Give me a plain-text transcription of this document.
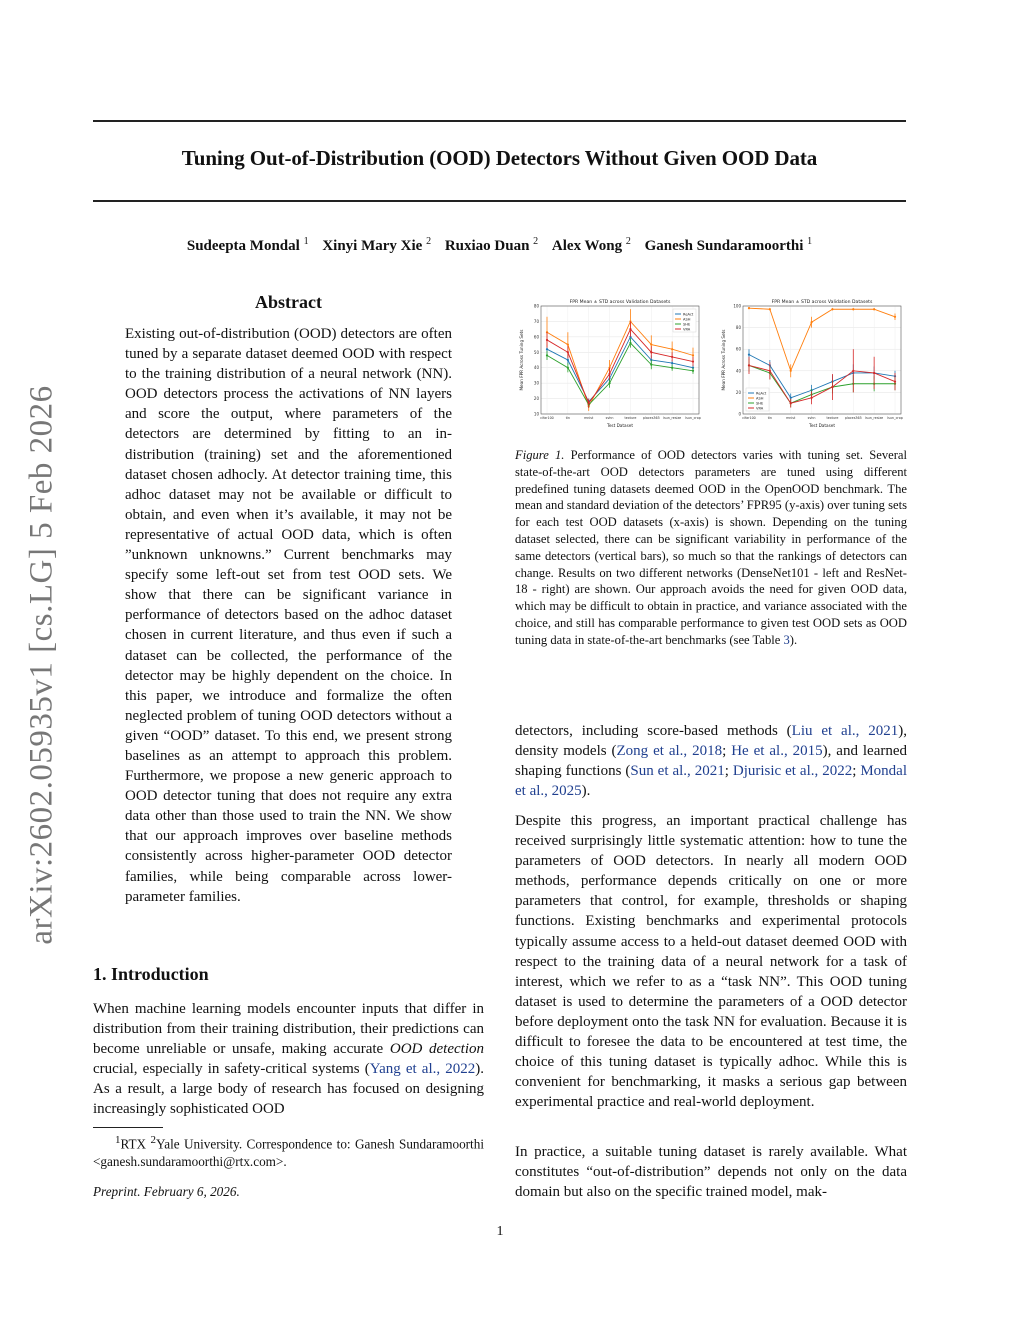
Tuning Out-of-Distribution (OOD) Detectors Without Given OOD Data
Sudeepta Mondal $^1$ Xinyi Mary Xie $^2$ Ruxiao Duan $^2$ Alex Wong $^2$ Ganesh Sundaramoorthi $^1$
arXiv:2602.05935v1 [cs.LG] 5 Feb 2026
Abstract
Existing out-of-distribution (OOD) detectors are often tuned by a separate dataset deemed OOD with respect to the training distribution of a neural network (NN). OOD detectors process the activations of NN layers and score the output, where parameters of the detectors are determined by fitting to an in-distribution (training) set and the aforementioned dataset chosen adhocly. At detector training time, this adhoc dataset may not be available or difficult to obtain, and even when it’s available, it may not be representative of actual OOD data, which is often ”unknown unknowns.” Current benchmarks may specify some left-out set from test OOD sets. We show that there can be significant variance in performance of detectors based on the adhoc dataset chosen in current literature, and thus even if such a dataset can be collected, the performance of the detector may be highly dependent on the choice. In this paper, we introduce and formalize the often neglected problem of tuning OOD detectors without a given “OOD” dataset. To this end, we present strong baselines as an attempt to approach this problem. Furthermore, we propose a new generic approach to OOD detector tuning that does not require any extra data other than those used to train the NN. We show that our approach improves over baseline methods consistently across higher-parameter OOD detector families, while being comparable across lower-parameter families.
1. Introduction
When machine learning models encounter inputs that differ in distribution from their training distribution, their predictions can become unreliable or unsafe, making accurate OOD detection crucial, especially in safety-critical systems (Yang et al., 2022). As a result, a large body of research has focused on designing increasingly sophisticated OOD
$^1$RTX $^2$Yale University. Correspondence to: Ganesh Sundaramoorthi <ganesh.sundaramoorthi@rtx.com>.
Preprint. February 6, 2026.
FPR Mean ± STD across Validation Datasets
10
20
30
40
50
60
70
80
cifar100	tin	mnist	svhn	texture places365 lsun_resize lsun_crop
Test Dataset
Mean FPR Across Tuning Sets
ReAct
ASH
SHE
VRA
FPR Mean ± STD across Validation Datasets
0
20
40
60
80
100
cifar100	tin	mnist	svhn	texture places365 lsun_resize lsun_crop
Test Dataset
Mean FPR Across Tuning Sets
ReAct
ASH
SHE
VRA
Figure 1. Performance of OOD detectors varies with tuning set. Several state-of-the-art OOD detectors parameters are tuned using different predefined tuning datasets deemed OOD in the OpenOOD benchmark. The mean and standard deviation of the detectors’ FPR95 (y-axis) over tuning sets for each test OOD datasets (x-axis) is shown. Depending on the tuning dataset selected, there can be significant variability in performance of the same detectors (vertical bars), so much so that the rankings of detectors can change. Results on two different networks (DenseNet101 - left and ResNet-18 - right) are shown. Our approach avoids the need for given OOD data, which may be difficult to obtain in practice, and variance associated with the choice, and still has comparable performance to given test OOD sets as OOD tuning data in state-of-the-art benchmarks (see Table 3).
detectors, including score-based methods (Liu et al., 2021), density models (Zong et al., 2018; He et al., 2015), and learned shaping functions (Sun et al., 2021; Djurisic et al., 2022; Mondal et al., 2025).
Despite this progress, an important practical challenge has received surprisingly little systematic attention: how to tune the parameters of OOD detectors. In nearly all modern OOD methods, performance depends critically on one or more parameters that control, for example, thresholds or shaping functions. Existing benchmarks and experimental protocols typically assume access to a held-out dataset deemed OOD with respect to the training data of a neural network for a task of interest, which we refer to as a “task NN”. This OOD tuning dataset is used to determine the parameters of a OOD detector before deployment onto the task NN for evaluation. Because it is difficult to foresee the data to be encountered at test time, the choice of this tuning dataset is typically adhoc. While this is convenient for benchmarking, it masks a serious gap between experimental practice and real-world deployment.
In practice, a suitable tuning dataset is rarely available. What constitutes “out-of-distribution” depends not only on the data domain but also on the specific trained model, mak-
1
